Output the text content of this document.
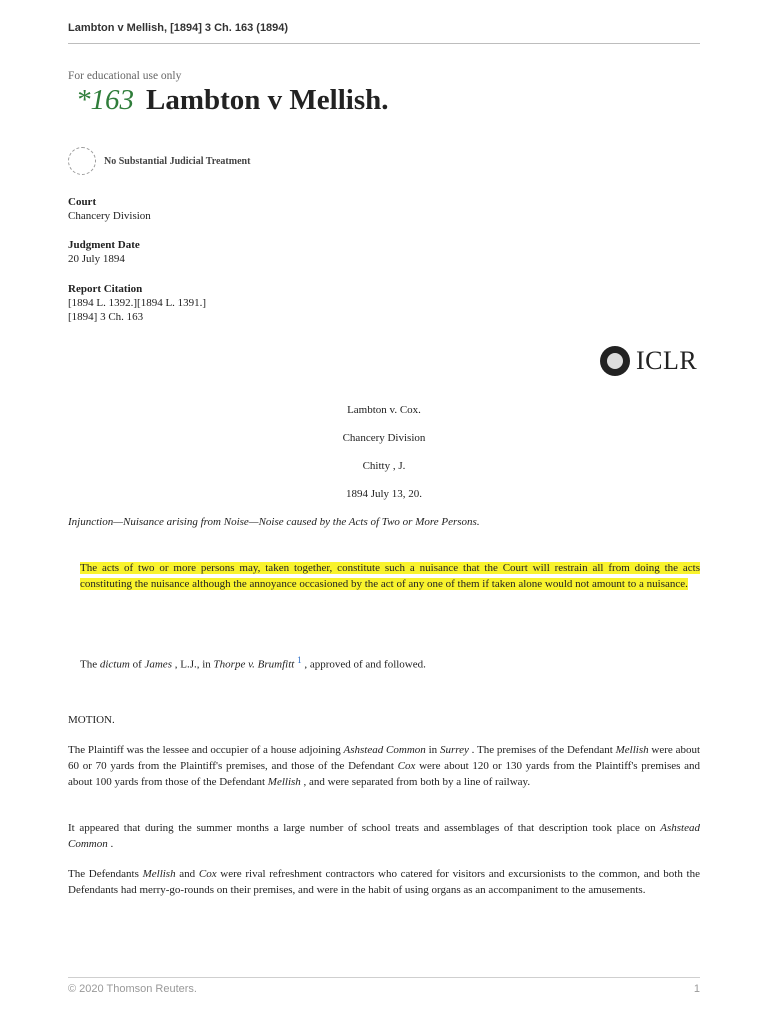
Lambton v Mellish, [1894] 3 Ch. 163 (1894)
For educational use only
*163 Lambton v Mellish.
No Substantial Judicial Treatment
Court
Chancery Division
Judgment Date
20 July 1894
Report Citation
[1894 L. 1392.][1894 L. 1391.]
[1894] 3 Ch. 163
ICLR
Lambton v. Cox.
Chancery Division
Chitty , J.
1894 July 13, 20.
Injunction—Nuisance arising from Noise—Noise caused by the Acts of Two or More Persons.
The acts of two or more persons may, taken together, constitute such a nuisance that the Court will restrain all from doing the acts constituting the nuisance although the annoyance occasioned by the act of any one of them if taken alone would not amount to a nuisance.
The dictum of James , L.J., in Thorpe v. Brumfitt $^1$ , approved of and followed.
MOTION.
The Plaintiff was the lessee and occupier of a house adjoining Ashstead Common in Surrey . The premises of the Defendant Mellish were about 60 or 70 yards from the Plaintiff's premises, and those of the Defendant Cox were about 120 or 130 yards from the Plaintiff's premises and about 100 yards from those of the Defendant Mellish , and were separated from both by a line of railway.
It appeared that during the summer months a large number of school treats and assemblages of that description took place on Ashstead Common .
The Defendants Mellish and Cox were rival refreshment contractors who catered for visitors and excursionists to the common, and both the Defendants had merry-go-rounds on their premises, and were in the habit of using organs as an accompaniment to the amusements.
© 2020 Thomson Reuters.	1
